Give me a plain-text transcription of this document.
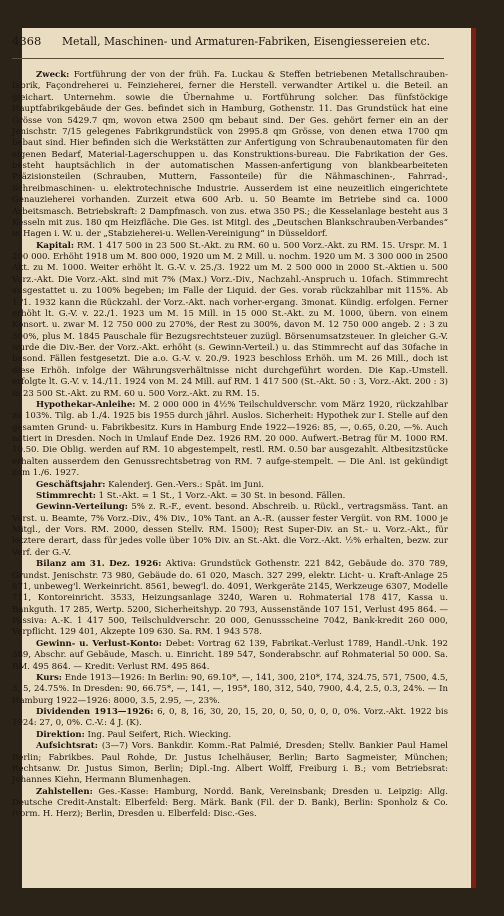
4368 Metall, Maschinen- und Armaturen-Fabriken, Eisengiessereien etc.

Zweck: Fortführung der von der früh. Fa. Luckau & Steffen betriebenen Metallschrauben-fabrik, Façondreherei u. Feinzieherei, ferner die Herstell. verwandter Artikel u. die Beteil. an gleichart. Unternehm. sowie die Übernahme u. Fortführung solcher. Das fünfstöckige Hauptfabrikgebäude der Ges. befindet sich in Hamburg, Gothenstr. 11. Das Grundstück hat eine Grösse von 5429.7 qm, wovon etwa 2500 qm bebaut sind. Der Ges. gehört ferner ein an der Jenischstr. 7/15 gelegenes Fabrikgrundstück von 2995.8 qm Grösse, von denen etwa 1700 qm bebaut sind. Hier befinden sich die Werkstätten zur Anfertigung von Schraubenautomaten für den eigenen Bedarf, Material-Lagerschuppen u. das Konstruktions-bureau. Die Fabrikation der Ges. besteht hauptsächlich in der automatischen Massen-anfertigung von blankbearbeiteten Präzisionsteilen (Schrauben, Muttern, Fassonteile) für die Nähmaschinen-, Fahrrad-, Schreibmaschinen- u. elektrotechnische Industrie. Ausserdem ist eine neuzeitlich eingerichtete Genauzieherei vorhanden. Zurzeit etwa 600 Arb. u. 50 Beamte im Betriebe sind ca. 1000 Arbeitsmasch. Betriebskraft: 2 Dampfmasch. von zus. etwa 350 PS.; die Kesselanlage besteht aus 3 Kesseln mit zus. 180 qm Heizfläche. Die Ges. ist Mitgl. des „Deutschen Blankschrauben-Verbandes“ in Hagen i. W. u. der „Stabzieherei-u. Wellen-Vereinigung“ in Düsseldorf.

Kapital: RM. 1 417 500 in 23 500 St.-Akt. zu RM. 60 u. 500 Vorz.-Akt. zu RM. 15. Urspr. M. 1 200 000. Erhöht 1918 um M. 800 000, 1920 um M. 2 Mill. u. nochm. 1920 um M. 3 300 000 in 2500 Akt. zu M. 1000. Weiter erhöht lt. G.-V. v. 25./3. 1922 um M. 2 500 000 in 2000 St.-Aktien u. 500 Vorz.-Akt. Die Vorz.-Akt. sind mit 7% (Max.) Vorz.-Div., Nachzahl.-Anspruch u. 10fach. Stimmrecht ausgestattet u. zu 100% begeben; im Falle der Liquid. der Ges. vorab rückzahlbar mit 115%. Ab 1./1. 1932 kann die Rückzahl. der Vorz.-Akt. nach vorher-ergang. 3monat. Kündig. erfolgen. Ferner erhöht lt. G.-V. v. 22./1. 1923 um M. 15 Mill. in 15 000 St.-Akt. zu M. 1000, übern. von einem Konsort. u. zwar M. 12 750 000 zu 270%, der Rest zu 300%, davon M. 12 750 000 angeb. 2 : 3 zu 300%, plus M. 1845 Pauschale für Bezugsrechtsteuer zuzügl. Börsenumsatzsteuer. In gleicher G.-V. wurde die Div.-Ber. der Vorz.-Akt. erhöht (s. Gewinn-Verteil.) u. das Stimmrecht auf das 30fache in besond. Fällen festgesetzt. Die a.o. G.-V. v. 20./9. 1923 beschloss Erhöh. um M. 26 Mill., doch ist diese Erhöh. infolge der Währungsverhältnisse nicht durchgeführt worden. Die Kap.-Umstell. erfolgte lt. G.-V. v. 14./11. 1924 von M. 24 Mill. auf RM. 1 417 500 (St.-Akt. 50 : 3, Vorz.-Akt. 200 : 3) in 23 500 St.-Akt. zu RM. 60 u. 500 Vorz.-Akt. zu RM. 15.

Hypothekar-Anleihe: M. 2 000 000 in 4½% Teilschuldverschr. vom März 1920, rückzahlbar zu 103%. Tilg. ab 1./4. 1925 bis 1955 durch jährl. Auslos. Sicherheit: Hypothek zur I. Stelle auf den gesamten Grund- u. Fabrikbesitz. Kurs in Hamburg Ende 1922—1926: 85, —, 0.65, 0.20, —%. Auch notiert in Dresden. Noch in Umlauf Ende Dez. 1926 RM. 20 000. Aufwert.-Betrag für M. 1000 RM. 10.50. Die Oblig. werden auf RM. 10 abgestempelt, restl. RM. 0.50 bar ausgezahlt. Altbesitzstücke erhalten ausserdem den Genussrechtsbetrag von RM. 7 aufge-stempelt. — Die Anl. ist gekündigt zum 1./6. 1927.

Geschäftsjahr: Kalenderj. Gen.-Vers.: Spät. im Juni.

Stimmrecht: 1 St.-Akt. = 1 St., 1 Vorz.-Akt. = 30 St. in besond. Fällen.

Gewinn-Verteilung: 5% z. R.-F., event. besond. Abschreib. u. Rückl., vertragsmäss. Tant. an Vorst. u. Beamte, 7% Vorz.-Div., 4% Div., 10% Tant. an A.-R. (ausser fester Vergüt. von RM. 1000 je Mitgl., der Vors. RM. 2000, dessen Stellv. RM. 1500); Rest Super-Div. an St.- u. Vorz.-Akt., für letztere derart, dass für jedes volle über 10% Div. an St.-Akt. die Vorz.-Akt. ½% erhalten, bezw. zur Verf. der G.-V.

Bilanz am 31. Dez. 1926: Aktiva: Grundstück Gothenstr. 221 842, Gebäude do. 370 789, Grundst. Jenischstr. 73 980, Gebäude do. 61 020, Masch. 327 299, elektr. Licht- u. Kraft-Anlage 25 871, unbeweg'l. Werkeinricht. 8561, beweg'l. do. 4091, Werkgeräte 2145, Werkzeuge 6307, Modelle 711, Kontoreinricht. 3533, Heizungsanlage 3240, Waren u. Rohmaterial 178 417, Kassa u. Bankguth. 17 285, Wertp. 5200, Sicherheitshyp. 20 793, Aussenstände 107 151, Verlust 495 864. — Passiva: A.-K. 1 417 500, Teilschuldverschr. 20 000, Genussscheine 7042, Bank-kredit 260 000, Verpflicht. 129 401, Akzepte 109 630. Sa. RM. 1 943 578.

Gewinn- u. Verlust-Konto: Debet: Vortrag 62 139, Fabrikat.-Verlust 1789, Handl.-Unk. 192 389, Abschr. auf Gebäude, Masch. u. Einricht. 189 547, Sonderabschr. auf Rohmaterial 50 000. Sa. RM. 495 864. — Kredit: Verlust RM. 495 864.

Kurs: Ende 1913—1926: In Berlin: 90, 69.10*, —, 141, 300, 210*, 174, 324.75, 571, 7500, 4.5, 3, 5, 24.75%. In Dresden: 90, 66.75*, —, 141, —, 195*, 180, 312, 540, 7900, 4.4, 2.5, 0.3, 24%. — In Hamburg 1922—1926: 8000, 3.5, 2.95, —, 23%.

Dividenden 1913—1926: 6, 0, 8, 16, 30, 20, 15, 20, 0, 50, 0, 0, 0, 0%. Vorz.-Akt. 1922 bis 1924: 27, 0, 0%. C.-V.: 4 J. (K).

Direktion: Ing. Paul Seifert, Rich. Wiecking.

Aufsichtsrat: (3—7) Vors. Bankdir. Komm.-Rat Palmié, Dresden; Stellv. Bankier Paul Hamel Berlin; Fabrikbes. Paul Rohde, Dr. Justus Ichelhäuser, Berlin; Barto Sagmeister, München; Rechtsanw. Dr. Justus Simon, Berlin; Dipl.-Ing. Albert Wolff, Freiburg i. B.; vom Betriebsrat: Johannes Kiehn, Hermann Blumenhagen.

Zahlstellen: Ges.-Kasse: Hamburg, Nordd. Bank, Vereinsbank; Dresden u. Leipzig: Allg. Deutsche Credit-Anstalt: Elberfeld: Berg. Märk. Bank (Fil. der D. Bank), Berlin: Sponholz & Co. (vorm. H. Herz); Berlin, Dresden u. Elberfeld: Disc.-Ges.
